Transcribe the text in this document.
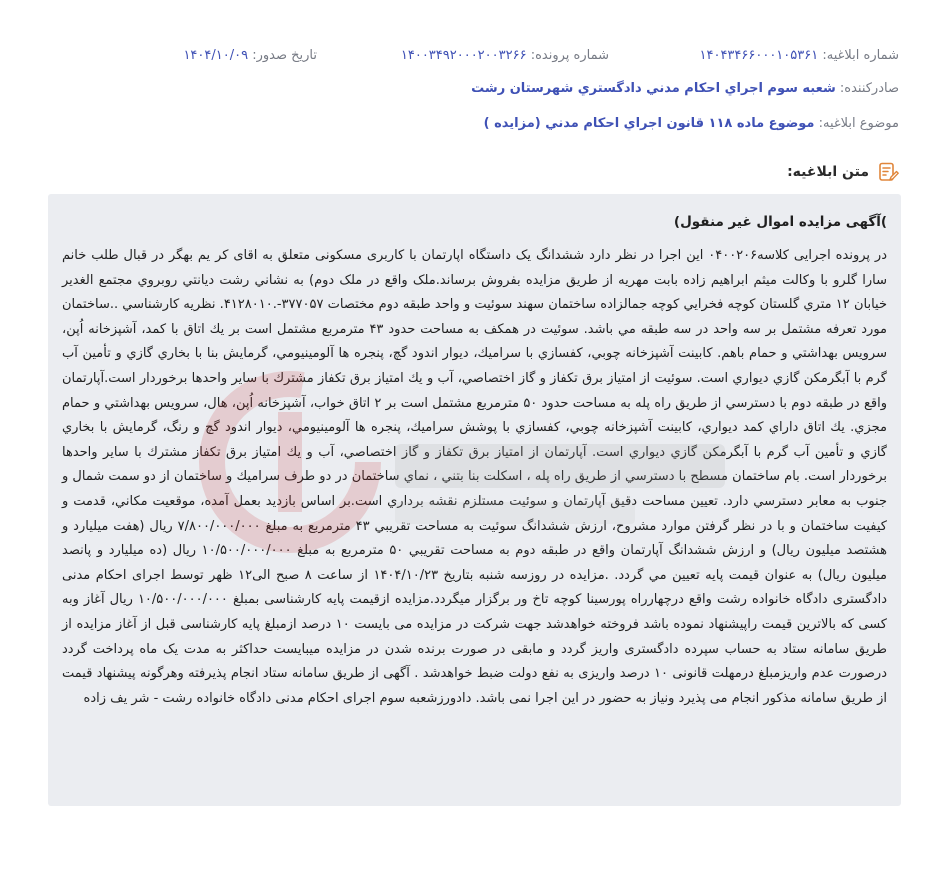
شماره ابلاغیه: ۱۴۰۴۳۴۶۶۰۰۰۱۰۵۳۶۱
شماره پرونده: ۱۴۰۰۳۴۹۲۰۰۰۲۰۰۳۲۶۶
تاریخ صدور: ۱۴۰۴/۱۰/۰۹
صادرکننده: شعبه سوم اجراي احكام مدني دادگستري شهرستان رشت
موضوع ابلاغیه: موضوع ماده ۱۱۸ قانون اجراي احكام مدني (مزايده )
متن ابلاغیه:
)آگهی مزایده اموال غیر منقول)

در پرونده اجرایی کلاسه۰۴۰۰۲۰۶ این اجرا در نظر دارد ششدانگ یک داستگاه اپارتمان با کاربری مسکونی متعلق به اقای کر یم بهگر در قبال طلب خانم سارا گلرو با وکالت میثم ابراهیم زاده بابت مهریه از طریق مزایده بفروش برساند.ملک واقع در ملک دوم) به نشاني رشت ديانتي روبروي مجتمع الغدير خيابان ۱۲ متري گلستان کوچه فخرايي کوچه جمالزاده ساختمان سهند سوئيت و واحد طبقه دوم مختصات ۳۷۷۰۵۷-.۴۱۲۸۰۱۰. نظريه کارشناسي ..ساختمان مورد تعرفه مشتمل بر سه واحد در سه طبقه مي باشد. سوئيت در همکف به مساحت حدود ۴۳ مترمربع مشتمل است بر يك اتاق با کمد، آشپزخانه اُپن، سرويس بهداشتي و حمام باهم. کابينت آشپزخانه چوبي، کفسازي با سراميك، ديوار اندود گچ، پنجره ها آلومينيومي، گرمايش بنا با بخاري گازي و تأمين آب گرم با آبگرمکن گازي ديواري است. سوئيت از امتياز برق تکفاز و گاز اختصاصي، آب و يك امتياز برق تکفاز مشترك با ساير واحدها برخوردار است.آپارتمان واقع در طبقه دوم با دسترسي از طريق راه پله به مساحت حدود ۵۰ مترمربع مشتمل است بر ۲ اتاق خواب، آشپزخانه اُپن، هال، سرويس بهداشتي و حمام مجزي. يك اتاق داراي کمد ديواري، کابينت آشپزخانه چوبي، کفسازي با پوشش سراميك، پنجره ها آلومينيومي، ديوار اندود گچ و رنگ، گرمايش با بخاري گازي و تأمين آب گرم با آبگرمکن گازي ديواري است. آپارتمان از امتياز برق تکفاز و گاز اختصاصي، آب و يك امتياز برق تکفاز مشترك با ساير واحدها برخوردار است. بام ساختمان مسطح با دسترسي از طريق راه پله ، اسکلت بنا بتني ، نماي ساختمان در دو طرف سراميك و ساختمان از دو سمت شمال و جنوب به معابر دسترسي دارد. تعيين مساحت دقيق آپارتمان و سوئيت مستلزم نقشه برداري است.بر اساس بازديد بعمل آمده، موقعيت مکاني، قدمت و کيفيت ساختمان و با در نظر گرفتن موارد مشروح، ارزش ششدانگ سوئيت به مساحت تقريبي ۴۳ مترمربع به مبلغ ۷/۸۰۰/۰۰۰/۰۰۰ ريال (هفت ميليارد و هشتصد ميليون ريال) و ارزش ششدانگ آپارتمان واقع در طبقه دوم به مساحت تقريبي ۵۰ مترمربع به مبلغ ۱۰/۵۰۰/۰۰۰/۰۰۰ ريال (ده ميليارد و پانصد ميليون ريال) به عنوان قيمت پايه تعيين مي گردد. .مزایده در روزسه شنبه بتاریخ ۱۴۰۴/۱۰/۲۳ از ساعت ۸ صبح الی۱۲ ظهر توسط اجرای احکام مدنی دادگستری دادگاه خانواده رشت واقع درچهارراه پورسینا کوچه تاخ ور برگزار میگردد.مزایده ازقیمت پایه کارشناسی بمبلغ ۱۰/۵۰۰/۰۰۰/۰۰۰ ریال آغاز وبه کسی که بالاترین قیمت راپیشنهاد نموده باشد فروخته خواهدشد جهت شرکت در مزایده می بایست ۱۰ درصد ازمبلغ پایه کارشناسی قبل از آغاز مزایده از طریق سامانه ستاد به حساب سپرده دادگستری واریز گردد و مابقی در صورت برنده شدن در مزایده میبایست حداکثر به مدت یک ماه پرداخت گردد درصورت عدم واریزمبلغ درمهلت قانونی ۱۰ درصد واریزی به نفع دولت ضبط خواهدشد . آگهی از طریق سامانه ستاد انجام پذیرفته وهرگونه پیشنهاد قیمت از طریق سامانه مذکور انجام می پذیرد ونیاز به حضور در این اجرا نمی باشد. دادورزشعبه سوم اجرای احکام مدنی دادگاه خانواده رشت - شر یف زاده
